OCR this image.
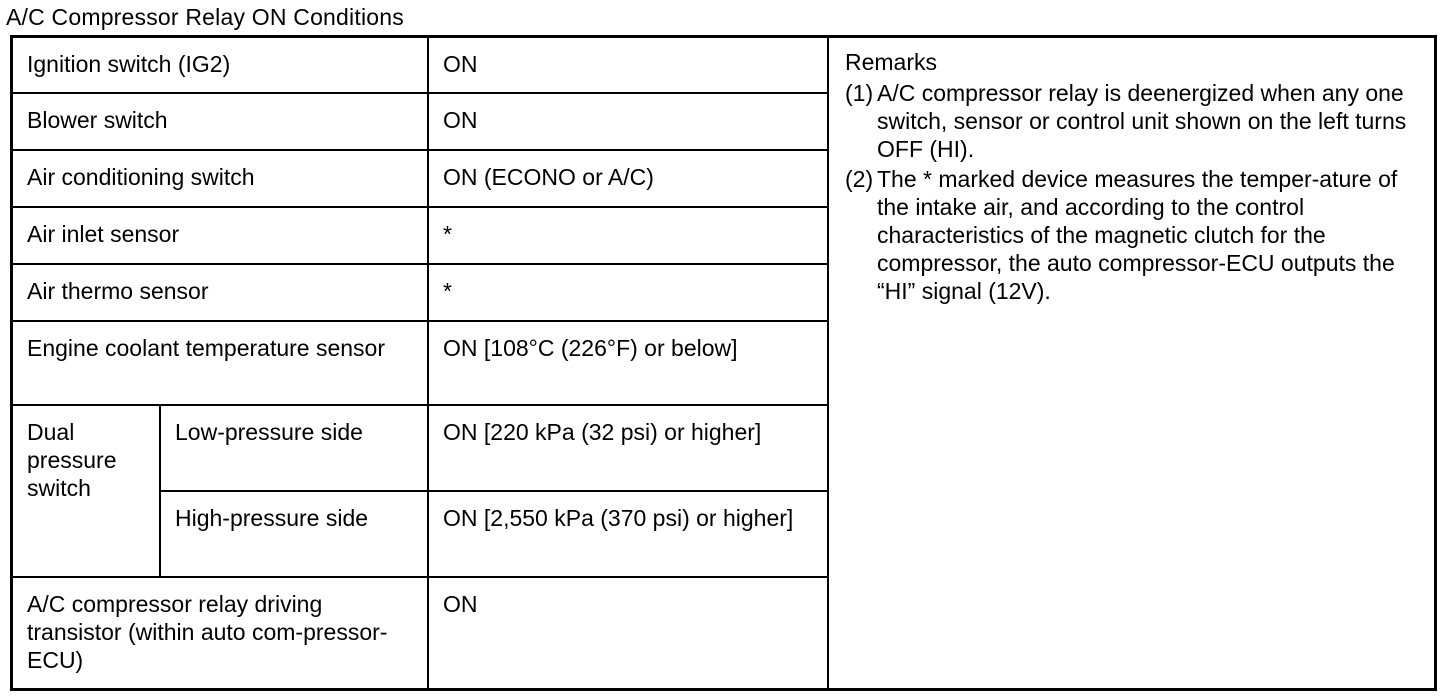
A/C Compressor Relay ON Conditions
Ignition switch (IG2)		ON
Blower switch		ON
Air conditioning switch		ON (ECONO or A/C)
Air inlet sensor		*
Air thermo sensor		*
Engine coolant temperature sensor		ON [108°C (226°F) or below]
Dual pressure switch	Low-pressure side	ON [220 kPa (32 psi) or higher]
	High-pressure side	ON [2,550 kPa (370 psi) or higher]
A/C compressor relay driving transistor (within auto com-pressor-ECU)		ON
Remarks
(1) A/C compressor relay is deenergized when any one switch, sensor or control unit shown on the left turns OFF (HI).
(2) The * marked device measures the temper-ature of the intake air, and according to the control characteristics of the magnetic clutch for the compressor, the auto compressor-ECU outputs the “HI” signal (12V).
